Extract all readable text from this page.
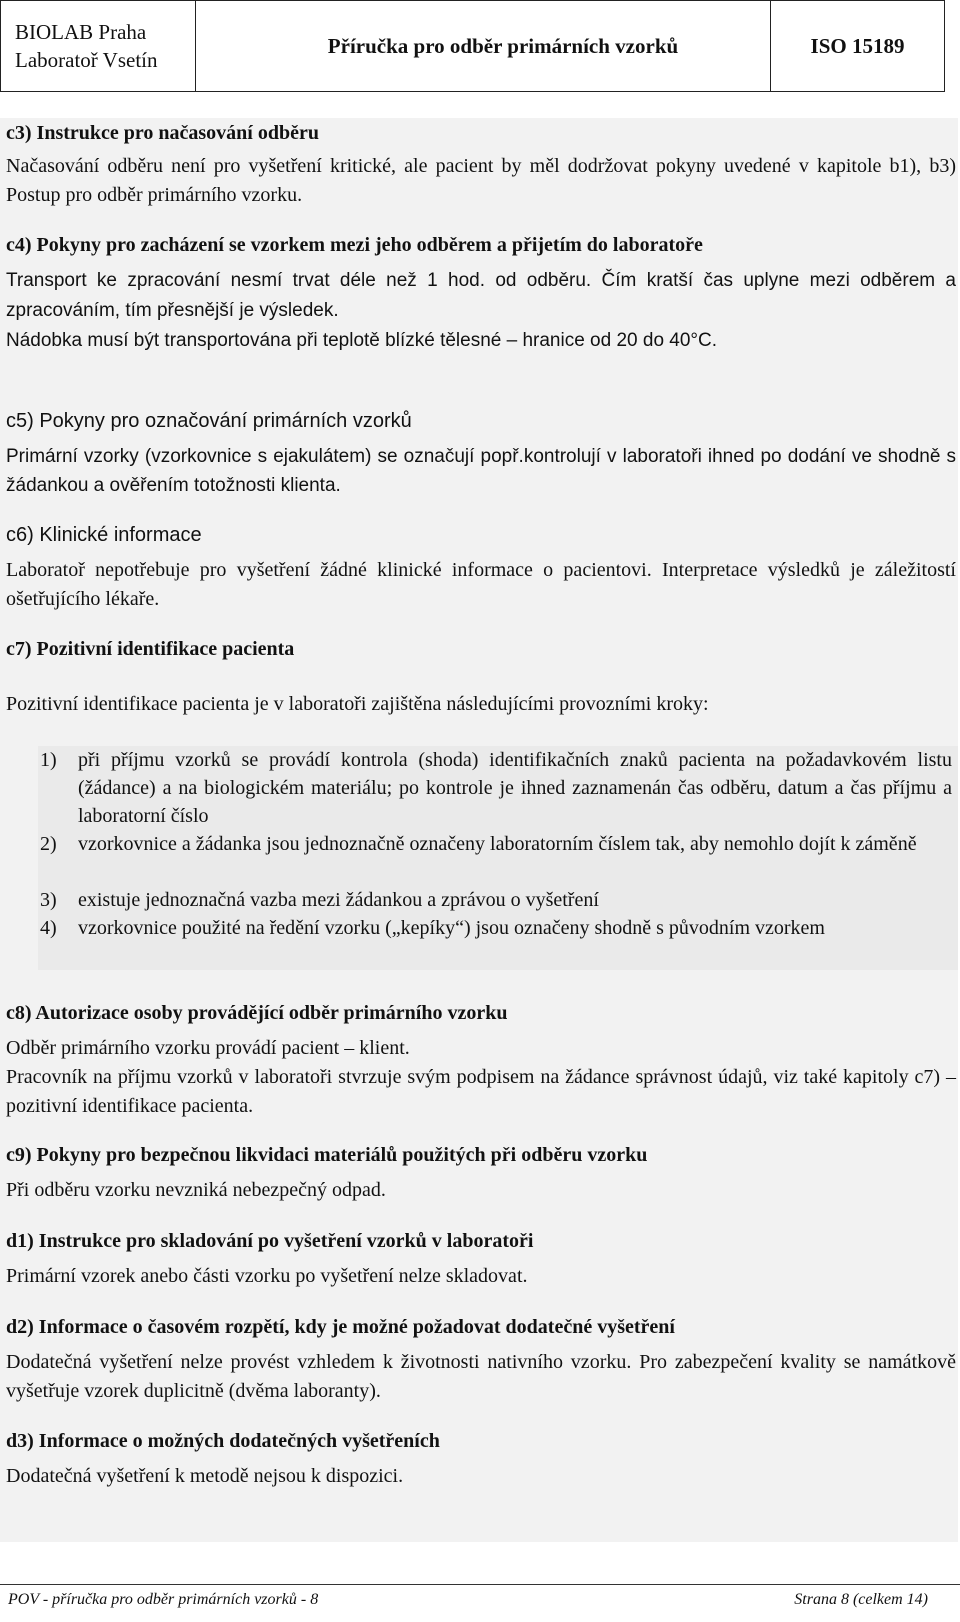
BIOLAB Praha
Laboratoř Vsetín
Příručka pro odběr primárních vzorků	ISO 15189
c3) Instrukce pro načasování odběru
Načasování odběru není pro vyšetření kritické, ale pacient by měl dodržovat pokyny uvedené v kapitole b1), b3) Postup pro odběr primárního vzorku.
c4) Pokyny pro zacházení se vzorkem mezi jeho odběrem a přijetím do laboratoře
Transport ke zpracování nesmí trvat déle než 1 hod. od odběru. Čím kratší čas uplyne mezi odběrem a zpracováním, tím přesnější je výsledek.
Nádobka musí být transportována při teplotě blízké tělesné – hranice od 20 do 40°C.
c5) Pokyny pro označování primárních vzorků
Primární vzorky (vzorkovnice s ejakulátem) se označují popř.kontrolují v laboratoři ihned po dodání ve shodně s žádankou a ověřením totožnosti klienta.
c6) Klinické informace
Laboratoř nepotřebuje pro vyšetření žádné klinické informace o pacientovi. Interpretace výsledků je záležitostí ošetřujícího lékaře.
c7) Pozitivní identifikace pacienta
Pozitivní identifikace pacienta je v laboratoři zajištěna následujícími provozními kroky:
1) při příjmu vzorků se provádí kontrola (shoda) identifikačních znaků pacienta na požadavkovém listu (žádance) a na biologickém materiálu; po kontrole je ihned zaznamenán čas odběru, datum a čas příjmu a laboratorní číslo
2) vzorkovnice a žádanka jsou jednoznačně označeny laboratorním číslem tak, aby nemohlo dojít k záměně
3) existuje jednoznačná vazba mezi žádankou a zprávou o vyšetření
4) vzorkovnice použité na ředění vzorku („kepíky“) jsou označeny shodně s původním vzorkem
c8) Autorizace osoby provádějící odběr primárního vzorku
Odběr primárního vzorku provádí pacient – klient.
Pracovník na příjmu vzorků v laboratoři stvrzuje svým podpisem na žádance správnost údajů, viz také kapitoly c7) – pozitivní identifikace pacienta.
c9) Pokyny pro bezpečnou likvidaci materiálů použitých při odběru vzorku
Při odběru vzorku nevzniká nebezpečný odpad.
d1) Instrukce pro skladování po vyšetření vzorků v laboratoři
Primární vzorek anebo části vzorku po vyšetření nelze skladovat.
d2) Informace o časovém rozpětí, kdy je možné požadovat dodatečné vyšetření
Dodatečná vyšetření nelze provést vzhledem k životnosti nativního vzorku. Pro zabezpečení kvality se namátkově vyšetřuje vzorek duplicitně (dvěma laboranty).
d3) Informace o možných dodatečných vyšetřeních
Dodatečná vyšetření k metodě nejsou k dispozici.
POV - příručka pro odběr primárních vzorků - 8	Strana 8 (celkem 14)
